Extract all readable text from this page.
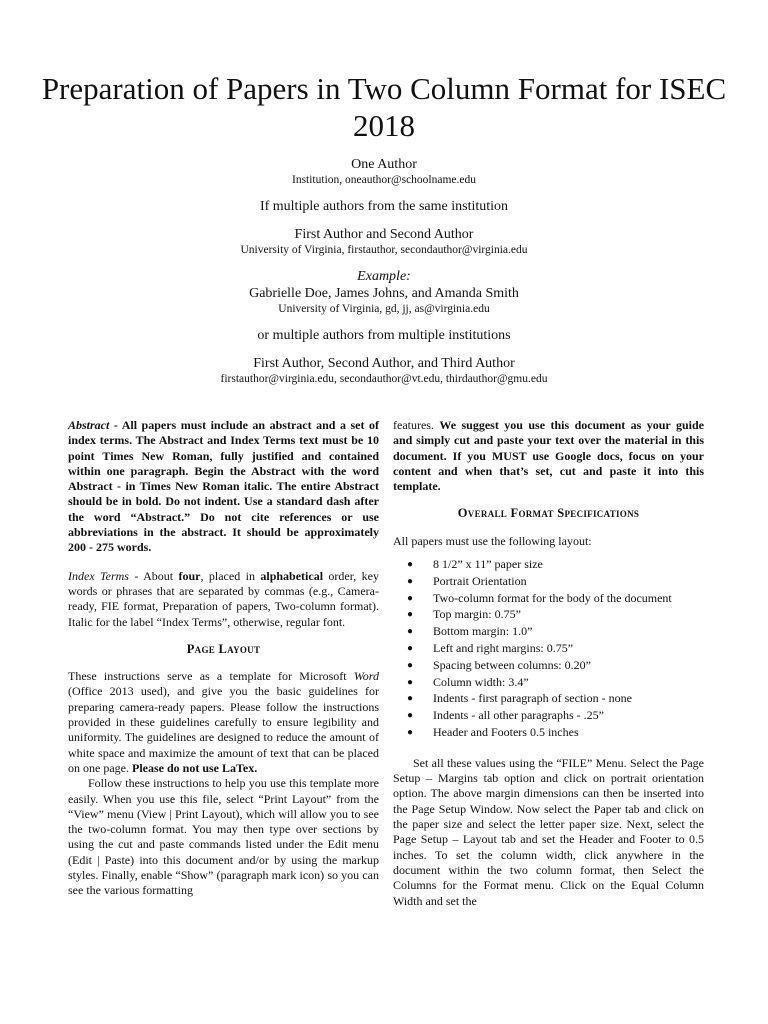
Preparation of Papers in Two Column Format for ISEC 2018
One Author
Institution, oneauthor@schoolname.edu
If multiple authors from the same institution
First Author and Second Author
University of Virginia, firstauthor, secondauthor@virginia.edu
Example:
Gabrielle Doe, James Johns, and Amanda Smith
University of Virginia, gd, jj, as@virginia.edu
or multiple authors from multiple institutions
First Author, Second Author, and Third Author
firstauthor@virginia.edu, secondauthor@vt.edu, thirdauthor@gmu.edu

Abstract - All papers must include an abstract and a set of index terms. The Abstract and Index Terms text must be 10 point Times New Roman, fully justified and contained within one paragraph. Begin the Abstract with the word Abstract - in Times New Roman italic. The entire Abstract should be in bold. Do not indent. Use a standard dash after the word “Abstract.” Do not cite references or use abbreviations in the abstract. It should be approximately 200 - 275 words.

Index Terms - About four, placed in alphabetical order, key words or phrases that are separated by commas (e.g., Camera-ready, FIE format, Preparation of papers, Two-column format). Italic for the label “Index Terms”, otherwise, regular font.

Page Layout

These instructions serve as a template for Microsoft Word (Office 2013 used), and give you the basic guidelines for preparing camera-ready papers. Please follow the instructions provided in these guidelines carefully to ensure legibility and uniformity. The guidelines are designed to reduce the amount of white space and maximize the amount of text that can be placed on one page. Please do not use LaTex.

Follow these instructions to help you use this template more easily. When you use this file, select “Print Layout” from the “View” menu (View | Print Layout), which will allow you to see the two-column format. You may then type over sections by using the cut and paste commands listed under the Edit menu (Edit | Paste) into this document and/or by using the markup styles. Finally, enable “Show” (paragraph mark icon) so you can see the various formatting

features. We suggest you use this document as your guide and simply cut and paste your text over the material in this document. If you MUST use Google docs, focus on your content and when that’s set, cut and paste it into this template.

Overall Format Specifications

All papers must use the following layout:

● 8 1/2” x 11” paper size
● Portrait Orientation
● Two-column format for the body of the document
● Top margin: 0.75”
● Bottom margin: 1.0”
● Left and right margins: 0.75”
● Spacing between columns: 0.20”
● Column width: 3.4”
● Indents - first paragraph of section - none
● Indents - all other paragraphs - .25”
● Header and Footers 0.5 inches

Set all these values using the “FILE” Menu. Select the Page Setup – Margins tab option and click on portrait orientation option. The above margin dimensions can then be inserted into the Page Setup Window. Now select the Paper tab and click on the paper size and select the letter paper size. Next, select the Page Setup – Layout tab and set the Header and Footer to 0.5 inches. To set the column width, click anywhere in the document within the two column format, then Select the Columns for the Format menu. Click on the Equal Column Width and set the
